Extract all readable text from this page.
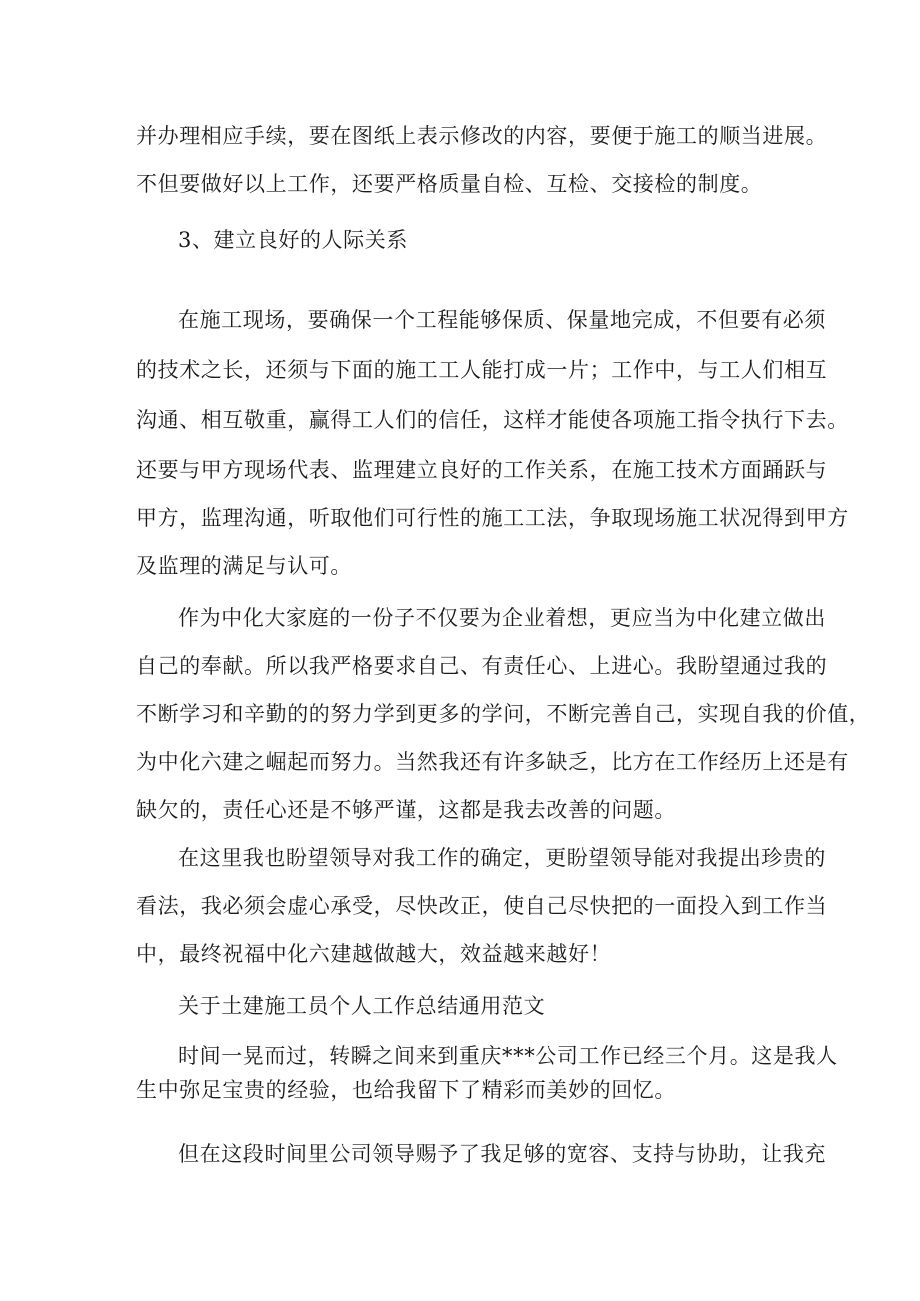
并办理相应手续，要在图纸上表示修改的内容，要便于施工的顺当进展。

不但要做好以上工作，还要严格质量自检、互检、交接检的制度。

3、建立良好的人际关系

在施工现场，要确保一个工程能够保质、保量地完成，不但要有必须

的技术之长，还须与下面的施工工人能打成一片；工作中，与工人们相互

沟通、相互敬重，赢得工人们的信任，这样才能使各项施工指令执行下去。

还要与甲方现场代表、监理建立良好的工作关系，在施工技术方面踊跃与

甲方，监理沟通，听取他们可行性的施工工法，争取现场施工状况得到甲方

及监理的满足与认可。

作为中化大家庭的一份子不仅要为企业着想，更应当为中化建立做出

自己的奉献。所以我严格要求自己、有责任心、上进心。我盼望通过我的

不断学习和辛勤的的努力学到更多的学问，不断完善自己，实现自我的价值，

为中化六建之崛起而努力。当然我还有许多缺乏，比方在工作经历上还是有

缺欠的，责任心还是不够严谨，这都是我去改善的问题。

在这里我也盼望领导对我工作的确定，更盼望领导能对我提出珍贵的

看法，我必须会虚心承受，尽快改正，使自己尽快把的一面投入到工作当

中，最终祝福中化六建越做越大，效益越来越好！

关于土建施工员个人工作总结通用范文

时间一晃而过，转瞬之间来到重庆***公司工作已经三个月。这是我人

生中弥足宝贵的经验，也给我留下了精彩而美妙的回忆。

但在这段时间里公司领导赐予了我足够的宽容、支持与协助，让我充
